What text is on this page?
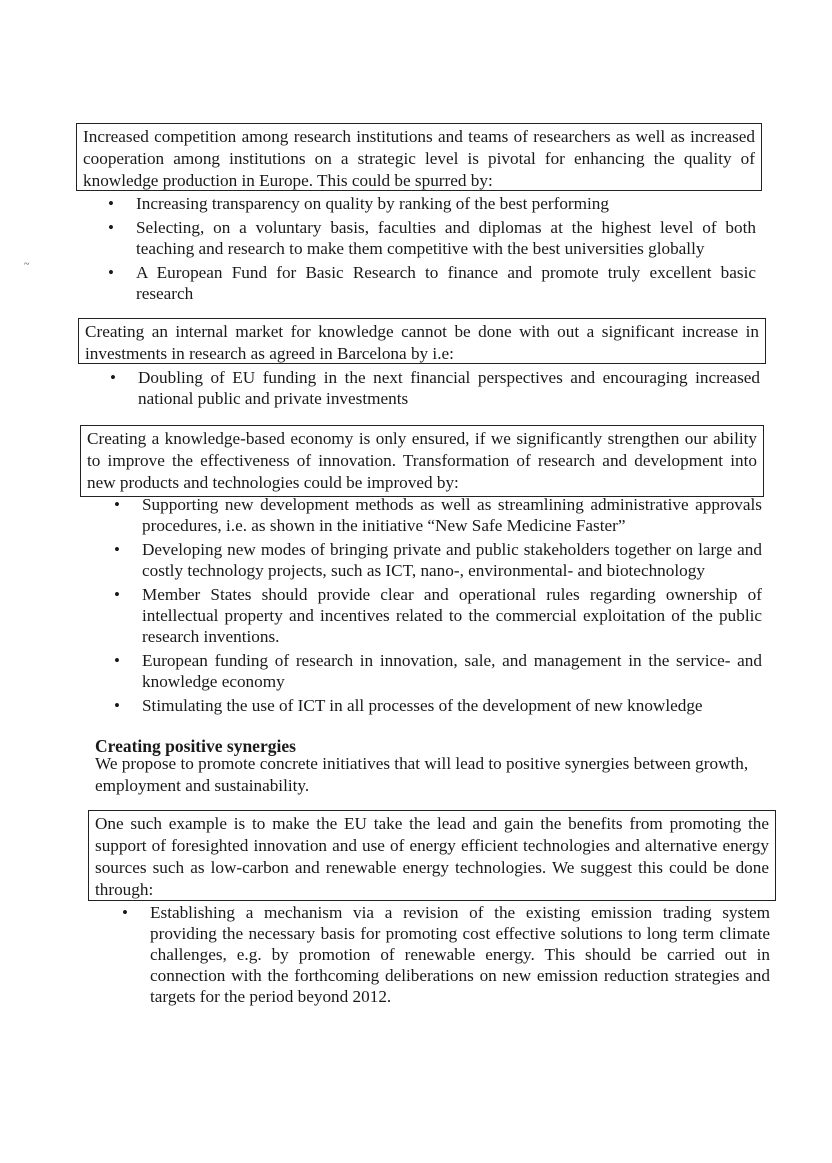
Increased competition among research institutions and teams of researchers as well as increased cooperation among institutions on a strategic level is pivotal for enhancing the quality of knowledge production in Europe. This could be spurred by:
• Increasing transparency on quality by ranking of the best performing
• Selecting, on a voluntary basis, faculties and diplomas at the highest level of both teaching and research to make them competitive with the best universities globally
• A European Fund for Basic Research to finance and promote truly excellent basic research
~
Creating an internal market for knowledge cannot be done with out a significant increase in investments in research as agreed in Barcelona by i.e:
• Doubling of EU funding in the next financial perspectives and encouraging increased national public and private investments
Creating a knowledge-based economy is only ensured, if we significantly strengthen our ability to improve the effectiveness of innovation. Transformation of research and development into new products and technologies could be improved by:
• Supporting new development methods as well as streamlining administrative approvals procedures, i.e. as shown in the initiative “New Safe Medicine Faster”
• Developing new modes of bringing private and public stakeholders together on large and costly technology projects, such as ICT, nano-, environmental- and biotechnology
• Member States should provide clear and operational rules regarding ownership of intellectual property and incentives related to the commercial exploitation of the public research inventions.
• European funding of research in innovation, sale, and management in the service- and knowledge economy
• Stimulating the use of ICT in all processes of the development of new knowledge
Creating positive synergies
We propose to promote concrete initiatives that will lead to positive synergies between growth, employment and sustainability.
One such example is to make the EU take the lead and gain the benefits from promoting the support of foresighted innovation and use of energy efficient technologies and alternative energy sources such as low-carbon and renewable energy technologies. We suggest this could be done through:
• Establishing a mechanism via a revision of the existing emission trading system providing the necessary basis for promoting cost effective solutions to long term climate challenges, e.g. by promotion of renewable energy. This should be carried out in connection with the forthcoming deliberations on new emission reduction strategies and targets for the period beyond 2012.
